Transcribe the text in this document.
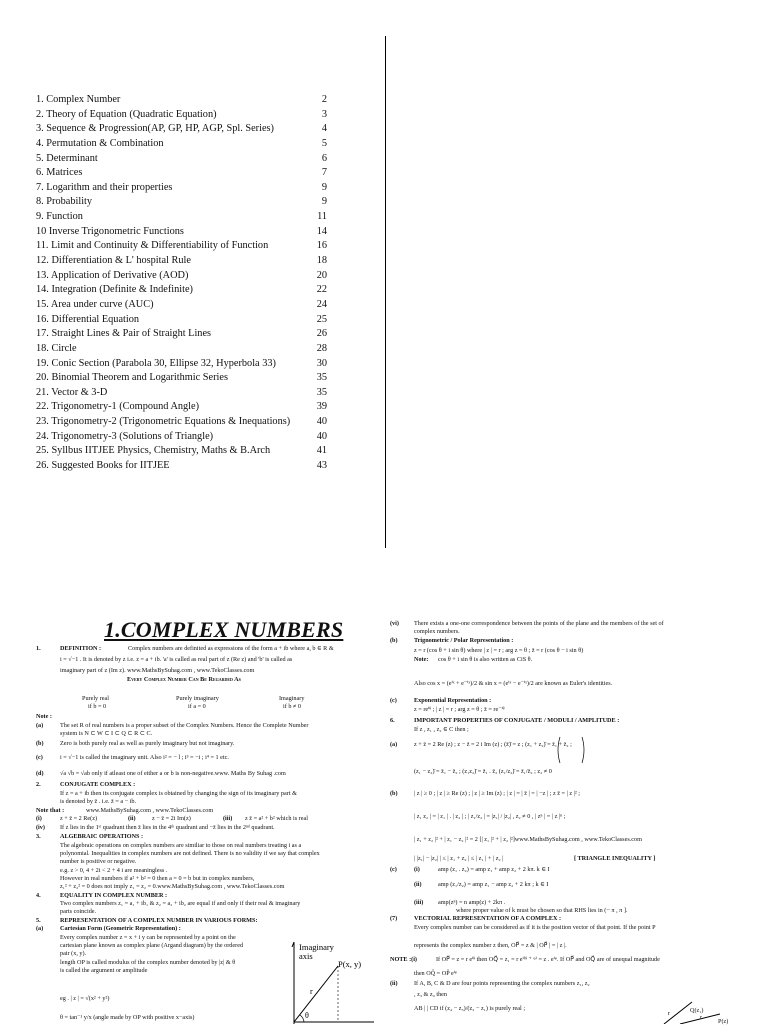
1. Complex Number	2
2. Theory of Equation (Quadratic Equation)	3
3. Sequence & Progression(AP, GP, HP, AGP, Spl. Series)	4
4. Permutation & Combination	5
5. Determinant	6
6. Matrices	7
7. Logarithm and their properties	9
8. Probability	9
9. Function	11
10 Inverse Trigonometric Functions	14
11. Limit and Continuity & Differentiability of Function	16
12. Differentiation & L' hospital Rule	18
13. Application of Derivative (AOD)	20
14. Integration (Definite & Indefinite)	22
15. Area under curve (AUC)	24
16. Differential Equation	25
17. Straight Lines & Pair of Straight Lines	26
18. Circle	28
19. Conic Section (Parabola 30, Ellipse 32, Hyperbola 33)	30
20. Binomial Theorem and Logarithmic Series	35
21. Vector & 3-D	35
22. Trigonometry-1 (Compound Angle)	39
23. Trigonometry-2 (Trigonometric Equations & Inequations)	40
24. Trigonometry-3 (Solutions of Triangle)	40
25. Syllbus IITJEE Physics, Chemistry, Maths & B.Arch	41
26. Suggested Books for IITJEE	43
1.COMPLEX NUMBERS
1.	DEFINITION :	Complex numbers are definited as expressions of the form a + ib where a, b ∈ R &
i = √−1 . It is denoted by z i.e. z = a + ib. 'a' is called as real part of z (Re z) and 'b' is called as
imaginary part of z (Im z). www.MathsBySuhag.com , www.TekoClasses.com
Every Complex Number Can Be Regarded As
Purely real
if b = 0
Purely imaginary
if a = 0
Imaginary
if b ≠ 0
Note :
(a)	The set R of real numbers is a proper subset of the Complex Numbers. Hence the Complete Number
system is N ⊂ W ⊂ I ⊂ Q ⊂ R ⊂ C.
(b)	Zero is both purely real as well as purely imaginary but not imaginary.
(c)	i = √−1 is called the imaginary unit. Also i² = − l ; i³ = −i ; i⁴ = 1 etc.
(d)	√a √b = √ab only if atleast one of either a or b is non-negative.www. Maths By Suhag .com
2.	CONJUGATE COMPLEX :
If z = a + ib then its conjugate complex is obtained by changing the sign of its imaginary part &
is denoted by z̄ . i.e. z̄ = a − ib.
Note that :	www.MathsBySuhag.com , www.TekoClasses.com
(i)	z + z̄ = 2 Re(z)	(ii)	z − z̄ = 2i Im(z)	(iii) z z̄ = a² + b² which is real
(iv) If z lies in the 1ˢᵗ quadrant then z̄ lies in the 4ᵗʰ quadrant and −z̄ lies in the 2ⁿᵈ quadrant.
3.	ALGEBRAIC OPERATIONS :
The algebraic operations on complex numbers are similiar to those on real numbers treating i as a
polynomial. Inequalities in complex numbers are not defined. There is no validity if we say that complex
number is positive or negative.
e.g. z > 0, 4 + 2i < 2 + 4 i are meaningless .
However in real numbers if a² + b² = 0 then a = 0 = b but in complex numbers,
z₁² + z₂² = 0 does not imply z₁ = z₂ = 0.www.MathsBySuhag.com , www.TekoClasses.com
4.	EQUALITY IN COMPLEX NUMBER :
Two complex numbers z₁ = a₁ + ib₁ & z₂ = a₂ + ib₂ are equal if and only if their real & imaginary
parts coincide.
5.	REPRESENTATION OF A COMPLEX NUMBER IN VARIOUS FORMS:
(a)	Cartesian Form (Geometric Representation) :
Every complex number z = x + i y can be represented by a point on the
cartesian plane known as complex plane (Argand diagram) by the ordered
pair (x, y).
length OP is called modulus of the complex number denoted by |z| & θ
is called the argument or amplitude
eg . | z | = √(x² + y²)
θ = tan⁻¹ y/x (angle made by OP with positive x−axis)
Imaginary
axis
P(x, y)
r
θ
(vi) There exists a one-one correspondence between the points of the plane and the members of the set of
complex numbers.
(b)	Trignometric / Polar Representation :
z = r (cos θ + i sin θ) where | z | = r ; arg z = θ ; z̄ = r (cos θ − i sin θ)
Note: cos θ + i sin θ is also written as CiS θ.
Also cos x = (eⁱˣ + e⁻ⁱˣ)/2 & sin x = (eⁱˣ − e⁻ⁱˣ)/2 are known as Euler's identities.
(c)	Exponential Representation :
z = reⁱᶿ ; | z | = r ; arg z = θ ; z̄ = re⁻ⁱᶿ
6.	IMPORTANT PROPERTIES OF CONJUGATE / MODULI / AMPLITUDE :
If z , z₁ , z₂ ∈ C then ;
(a)	z + z̄ = 2 Re (z) ; z − z̄ = 2 i Im (z) ; (z̄)̄ = z ; (z₁ + z₂)̄ = z̄₁ + z̄₂ ;
(z₁ − z₂)̄ = z̄₁ − z̄₂ ; (z₁z₂)̄ = z̄₁ . z̄₂ (z₁/z₂)̄ = z̄₁/z̄₂ ; z₂ ≠ 0
(b)	| z | ≥ 0 ; | z | ≥ Re (z) ; | z | ≥ Im (z) ; | z | = | z̄ | = | −z | ; z z̄ = | z |² ;
| z₁ z₂ | = | z₁ | . | z₂ | ; | z₁/z₂ | = |z₁| / |z₂| , z₂ ≠ 0 , | zⁿ | = | z |ⁿ ;
| z₁ + z₂ |² + | z₁ − z₂ |² = 2 [| z₁ |² + | z₂ |²]www.MathsBySuhag.com , www.TekoClasses.com
| |z₁| − |z₂| | ≤ | z₁ + z₂ | ≤ | z₁ | + | z₂ |	[ TRIANGLE INEQUALITY ]
(c)	(i)	amp (z₁ . z₂) = amp z₁ + amp z₂ + 2 kπ. k ∈ I
(ii)	amp (z₁/z₂) = amp z₁ − amp z₂ + 2 kπ ; k ∈ I
(iii) amp(zⁿ) = n amp(z) + 2kπ .
where proper value of k must be chosen so that RHS lies in (− π , π ].
(7)	VECTORIAL REPRESENTATION OF A COMPLEX :
Every complex number can be considered as if it is the position vector of that point. If the point P
represents the complex number z then, OP⃗ = z & | OP⃗ | = | z |.
NOTE :(i)	If OP⃗ = z = r eⁱᶿ then OQ⃗ = z₁ = r eⁱ⁽ᶿ ⁺ ᵠ⁾ = z . eⁱᵠ. If OP⃗ and OQ⃗ are of unequal magnitude
then OQ̂ = OP̂ eⁱᵠ
(ii)	If A, B, C & D are four points representing the complex numbers z₁, z₂
, z₃ & z₄ then
AB | | CD if (z₄ − z₃)/(z₂ − z₁) is purely real ;	Q(z₁)
P(z)
r
r
